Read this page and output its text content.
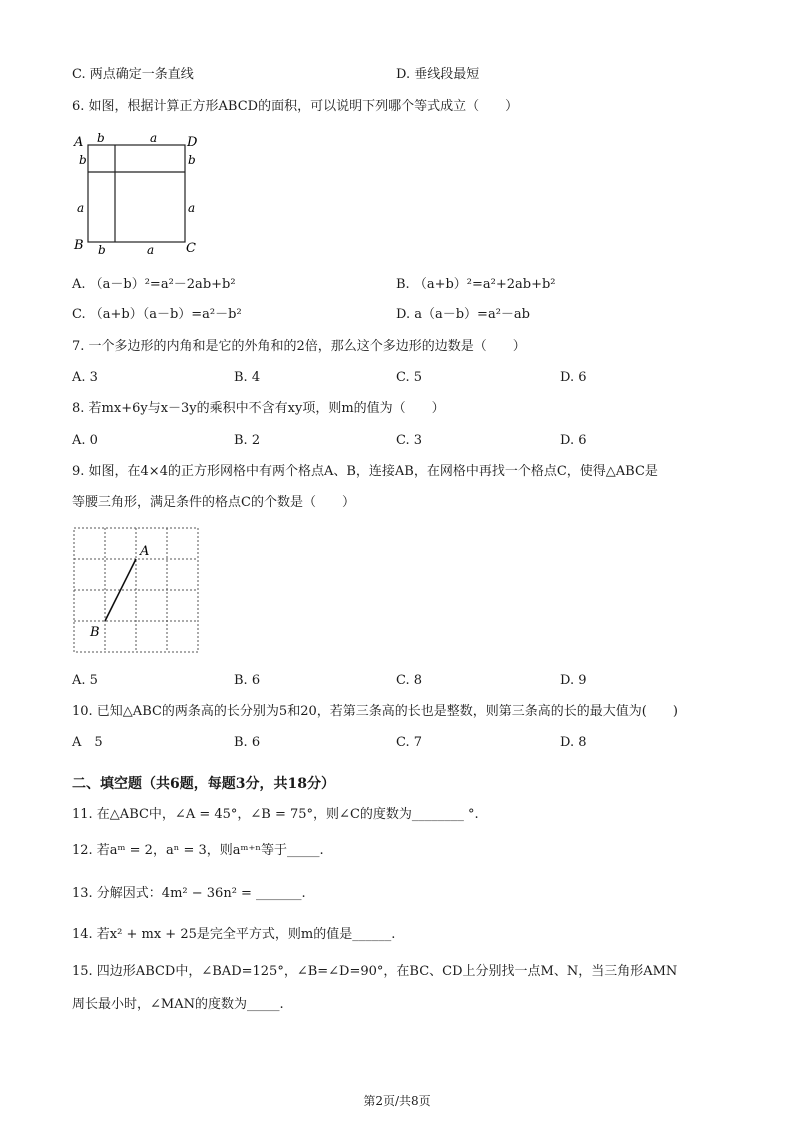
C. 两点确定一条直线	D. 垂线段最短
6. 如图，根据计算正方形ABCD的面积，可以说明下列哪个等式成立（　　）
A	D
B	C
b	a
b	b
a	a
b	a
A. （a－b）²=a²－2ab+b²	B. （a+b）²=a²+2ab+b²
C. （a+b）（a－b）=a²－b²	D. a（a－b）=a²－ab
7. 一个多边形的内角和是它的外角和的2倍，那么这个多边形的边数是（　　）
A. 3	B. 4	C. 5	D. 6
8. 若mx+6y与x－3y的乘积中不含有xy项，则m的值为（　　）
A. 0	B. 2	C. 3	D. 6
9. 如图，在4×4的正方形网格中有两个格点A、B，连接AB，在网格中再找一个格点C，使得△ABC是
等腰三角形，满足条件的格点C的个数是（　　）
A
B
A. 5	B. 6	C. 8	D. 9
10. 已知△ABC的两条高的长分别为5和20，若第三条高的长也是整数，则第三条高的长的最大值为(　　)
A　5	B. 6	C. 7	D. 8
二、填空题（共6题，每题3分，共18分）
11. 在△ABC中，∠A = 45°，∠B = 75°，则∠C的度数为________ °.
12. 若aᵐ = 2，aⁿ = 3，则aᵐ⁺ⁿ等于_____.
13. 分解因式：4m² − 36n² = _______.
14. 若x² + mx + 25是完全平方式，则m的值是______.
15. 四边形ABCD中，∠BAD=125°，∠B=∠D=90°，在BC、CD上分别找一点M、N，当三角形AMN
周长最小时，∠MAN的度数为_____.
第2页/共8页
